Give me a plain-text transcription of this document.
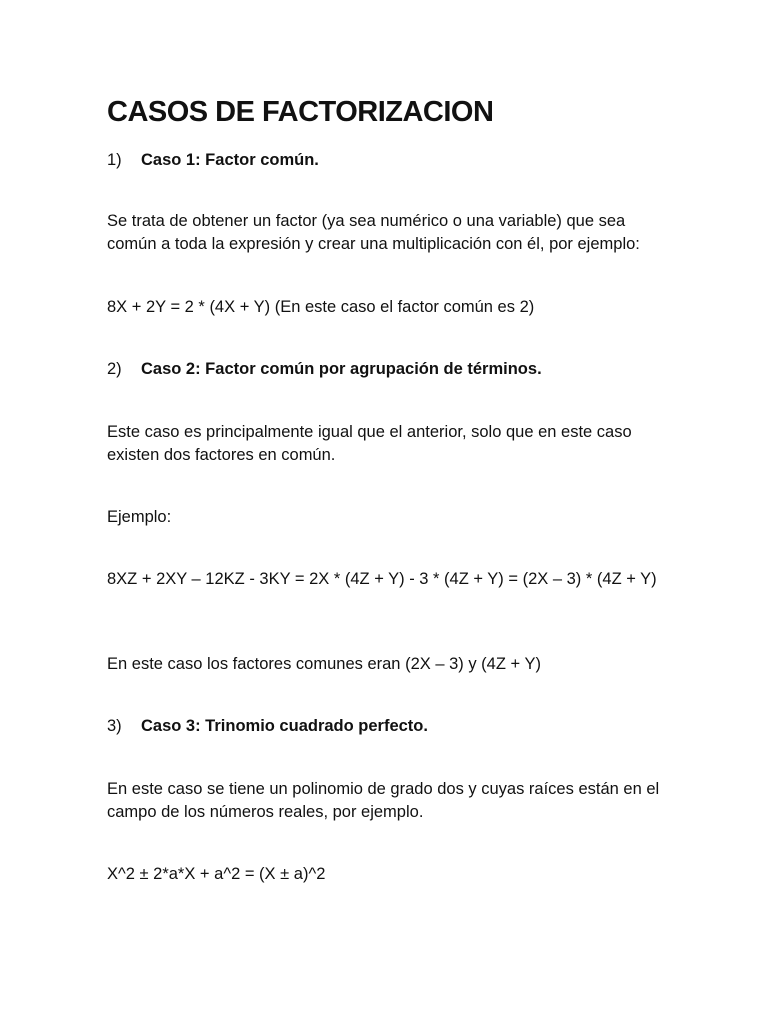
CASOS DE FACTORIZACION
1) Caso 1: Factor común.

Se trata de obtener un factor (ya sea numérico o una variable) que sea común a toda la expresión y crear una multiplicación con él, por ejemplo:

8X + 2Y = 2 * (4X + Y) (En este caso el factor común es 2)

2) Caso 2: Factor común por agrupación de términos.

Este caso es principalmente igual que el anterior, solo que en este caso existen dos factores en común.

Ejemplo:

8XZ + 2XY – 12KZ - 3KY = 2X * (4Z + Y) - 3 * (4Z + Y) = (2X – 3) * (4Z + Y)

En este caso los factores comunes eran (2X – 3) y (4Z + Y)

3) Caso 3: Trinomio cuadrado perfecto.

En este caso se tiene un polinomio de grado dos y cuyas raíces están en el campo de los números reales, por ejemplo.

X^2 ± 2*a*X + a^2 = (X ± a)^2
